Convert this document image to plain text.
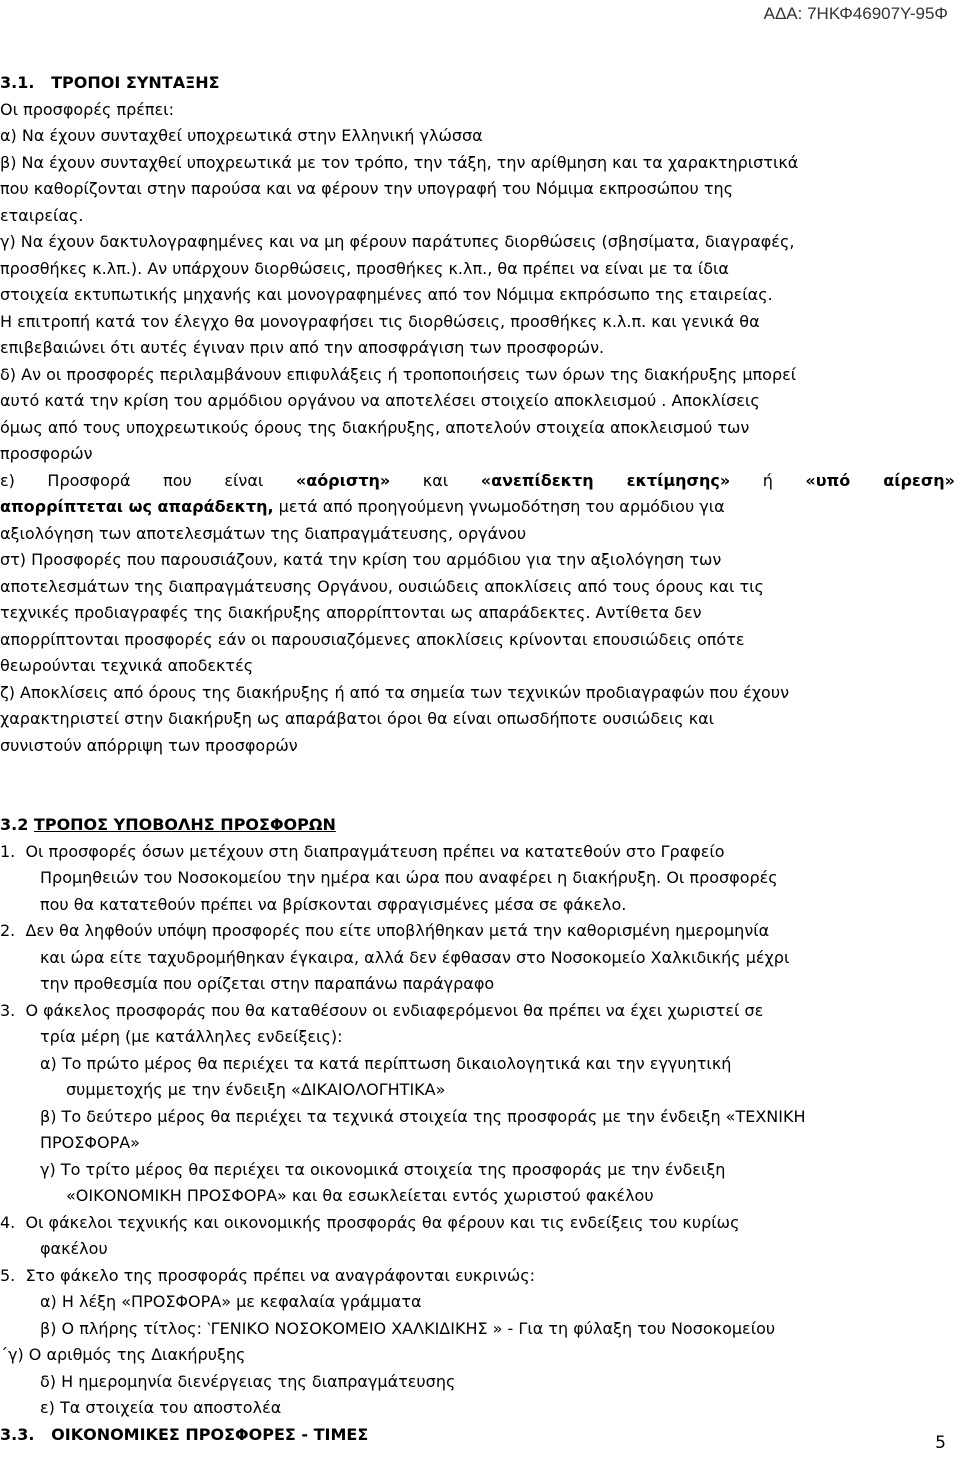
ΑΔΑ: 7ΗΚΦ46907Υ-95Φ

3.1.   ΤΡΟΠΟΙ ΣΥΝΤΑΞΗΣ

Οι προσφορές πρέπει:

α) Να έχουν συνταχθεί υποχρεωτικά στην Ελληνική γλώσσα

β) Να έχουν συνταχθεί υποχρεωτικά με τον τρόπο, την τάξη, την αρίθμηση και τα χαρακτηριστικά

που καθορίζονται στην παρούσα και να φέρουν την υπογραφή του Νόμιμα εκπροσώπου της

εταιρείας.

γ) Να έχουν δακτυλογραφημένες και να μη φέρουν παράτυπες διορθώσεις (σβησίματα, διαγραφές,

προσθήκες κ.λπ.). Αν υπάρχουν διορθώσεις, προσθήκες κ.λπ., θα πρέπει να είναι με τα ίδια

στοιχεία εκτυπωτικής μηχανής και μονογραφημένες από τον Νόμιμα εκπρόσωπο της εταιρείας.

Η επιτροπή κατά τον έλεγχο θα μονογραφήσει τις διορθώσεις, προσθήκες κ.λ.π. και γενικά θα

επιβεβαιώνει ότι αυτές έγιναν πριν από την αποσφράγιση των προσφορών.

δ) Αν οι προσφορές περιλαμβάνουν επιφυλάξεις ή τροποποιήσεις των όρων της διακήρυξης μπορεί

αυτό κατά την κρίση του αρμόδιου οργάνου να αποτελέσει στοιχείο αποκλεισμού . Αποκλίσεις

όμως από τους υποχρεωτικούς όρους της διακήρυξης, αποτελούν στοιχεία αποκλεισμού των

προσφορών

ε) Προσφορά που είναι «αόριστη» και «ανεπίδεκτη εκτίμησης» ή «υπό αίρεση»

απορρίπτεται ως απαράδεκτη, μετά από προηγούμενη γνωμοδότηση του αρμόδιου για

αξιολόγηση των αποτελεσμάτων της διαπραγμάτευσης, οργάνου

στ) Προσφορές που παρουσιάζουν, κατά την κρίση του αρμόδιου για την αξιολόγηση των

αποτελεσμάτων της διαπραγμάτευσης Οργάνου, ουσιώδεις αποκλίσεις από τους όρους και τις

τεχνικές προδιαγραφές της διακήρυξης απορρίπτονται ως απαράδεκτες. Αντίθετα δεν

απορρίπτονται προσφορές εάν οι παρουσιαζόμενες αποκλίσεις κρίνονται επουσιώδεις οπότε

θεωρούνται τεχνικά αποδεκτές

ζ) Αποκλίσεις από όρους της διακήρυξης ή από τα σημεία των τεχνικών προδιαγραφών που έχουν

χαρακτηριστεί στην διακήρυξη ως απαράβατοι όροι θα είναι οπωσδήποτε ουσιώδεις και

συνιστούν απόρριψη των προσφορών

3.2 ΤΡΟΠΟΣ ΥΠΟΒΟΛΗΣ ΠΡΟΣΦΟΡΩΝ

1.  Οι προσφορές όσων μετέχουν στη διαπραγμάτευση πρέπει να κατατεθούν στο Γραφείο

Προμηθειών του Νοσοκομείου την ημέρα και ώρα που αναφέρει η διακήρυξη. Οι προσφορές

που θα κατατεθούν πρέπει να βρίσκονται σφραγισμένες μέσα σε φάκελο.

2.  Δεν θα ληφθούν υπόψη προσφορές που είτε υποβλήθηκαν μετά την καθορισμένη ημερομηνία

και ώρα είτε ταχυδρομήθηκαν έγκαιρα, αλλά δεν έφθασαν στο Νοσοκομείο Χαλκιδικής μέχρι

την προθεσμία που ορίζεται στην παραπάνω παράγραφο

3.  Ο φάκελος προσφοράς που θα καταθέσουν οι ενδιαφερόμενοι θα πρέπει να έχει χωριστεί σε

τρία μέρη (με κατάλληλες ενδείξεις):

α) Το πρώτο μέρος θα περιέχει τα κατά περίπτωση δικαιολογητικά και την εγγυητική

συμμετοχής με την ένδειξη «ΔΙΚΑΙΟΛΟΓΗΤΙΚΑ»

β) Το δεύτερο μέρος θα περιέχει τα τεχνικά στοιχεία της προσφοράς με την ένδειξη «ΤΕΧΝΙΚΗ

ΠΡΟΣΦΟΡΑ»

γ) Το τρίτο μέρος θα περιέχει τα οικονομικά στοιχεία της προσφοράς με την ένδειξη

«ΟΙΚΟΝΟΜΙΚΗ ΠΡΟΣΦΟΡΑ» και θα εσωκλείεται εντός χωριστού φακέλου

4.  Οι φάκελοι τεχνικής και οικονομικής προσφοράς θα φέρουν και τις ενδείξεις του κυρίως

φακέλου

5.  Στο φάκελο της προσφοράς πρέπει να αναγράφονται ευκρινώς:

α) Η λέξη «ΠΡΟΣΦΟΡΑ» με κεφαλαία γράμματα

β) Ο πλήρης τίτλος: ‵ΓΕΝΙΚΟ ΝΟΣΟΚΟΜΕΙΟ ΧΑΛΚΙΔΙΚΗΣ » - Για τη φύλαξη του Νοσοκομείου

΄γ) Ο αριθμός της Διακήρυξης

δ) Η ημερομηνία διενέργειας της διαπραγμάτευσης

ε) Τα στοιχεία του αποστολέα

3.3.   ΟΙΚΟΝΟΜΙΚΕΣ ΠΡΟΣΦΟΡΕΣ - ΤΙΜΕΣ	5
